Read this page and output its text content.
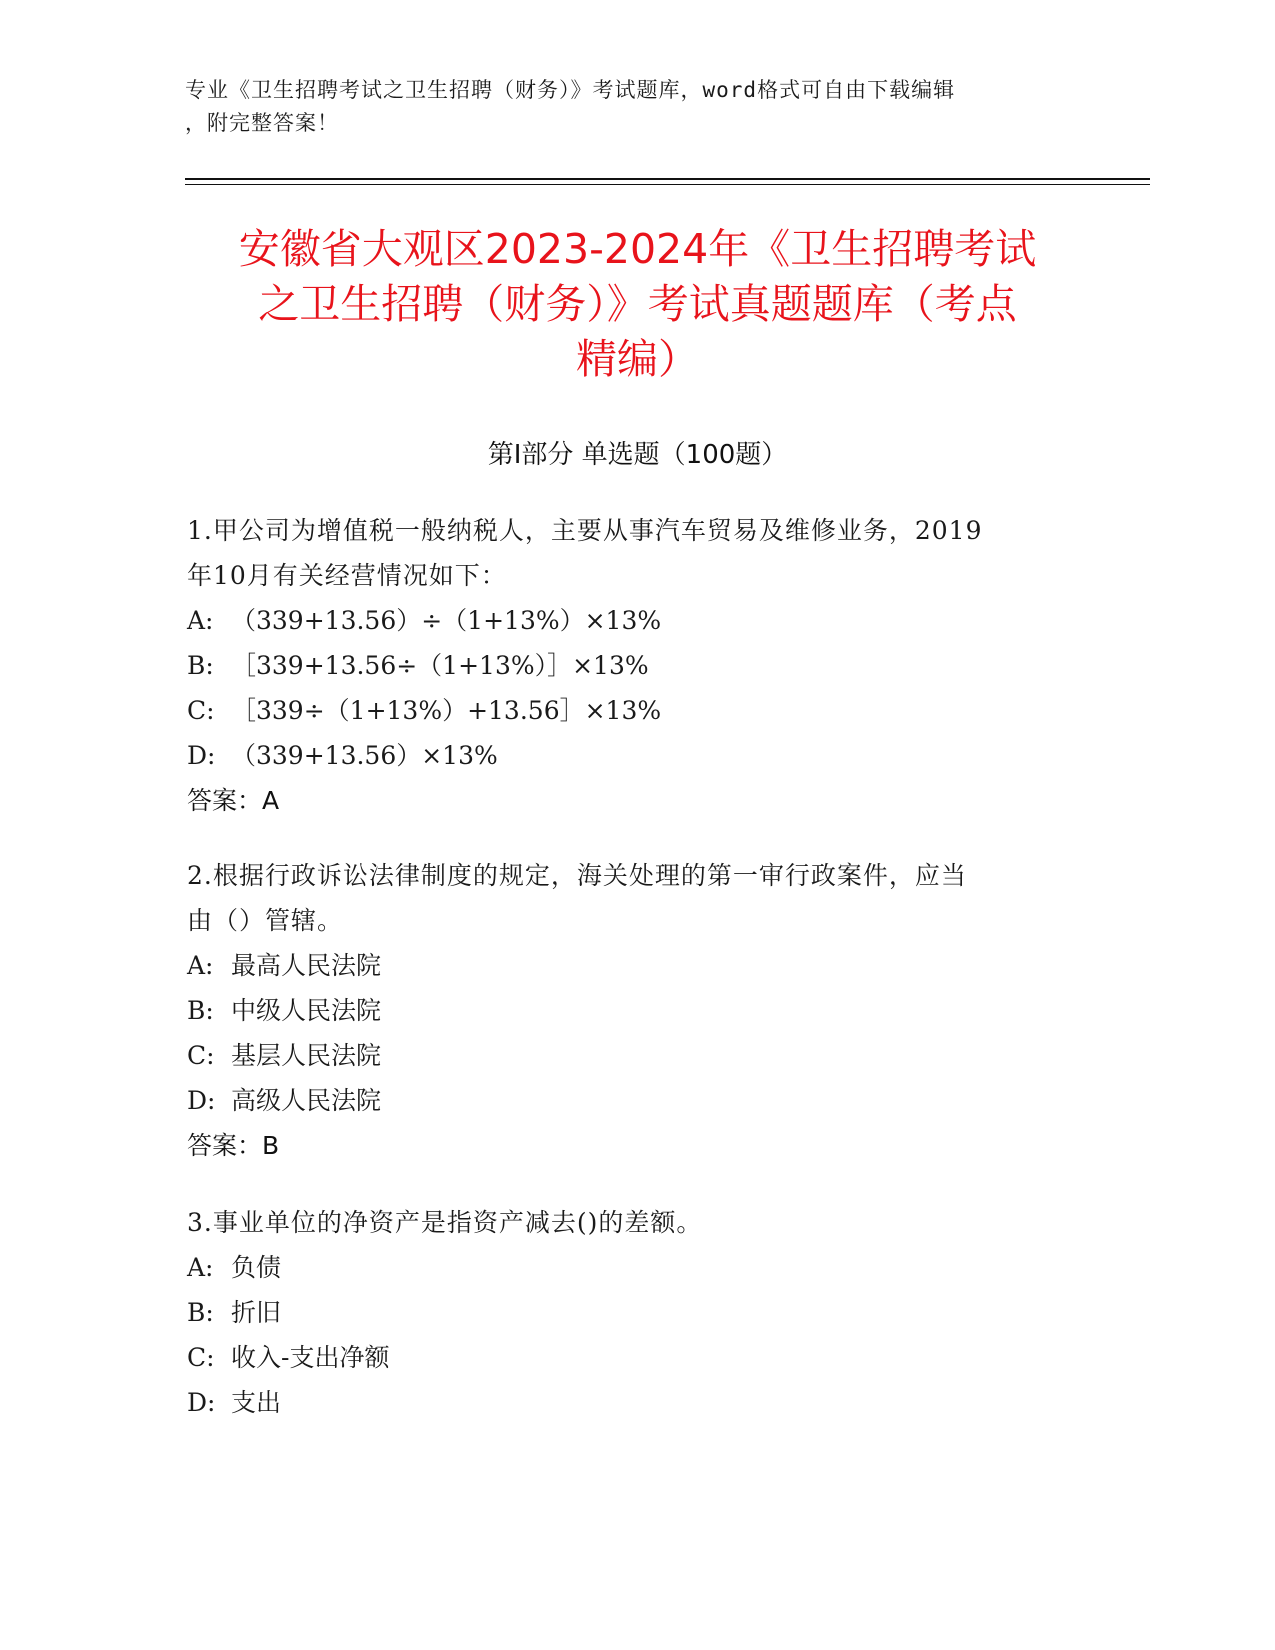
专业《卫生招聘考试之卫生招聘（财务）》考试题库，word格式可自由下载编辑
，附完整答案！
安徽省大观区2023-2024年《卫生招聘考试
之卫生招聘（财务）》考试真题题库（考点
精编）
第Ⅰ部分 单选题（100题）
1.甲公司为增值税一般纳税人，主要从事汽车贸易及维修业务，2019
年10月有关经营情况如下：
A: （339+13.56）÷（1+13%）×13%
B: ［339+13.56÷（1+13%）］×13%
C: ［339÷（1+13%）+13.56］×13%
D: （339+13.56）×13%
答案：A
2.根据行政诉讼法律制度的规定，海关处理的第一审行政案件，应当
由（）管辖。
A: 最高人民法院
B: 中级人民法院
C: 基层人民法院
D: 高级人民法院
答案：B
3.事业单位的净资产是指资产减去()的差额。
A: 负债
B: 折旧
C: 收入-支出净额
D: 支出
